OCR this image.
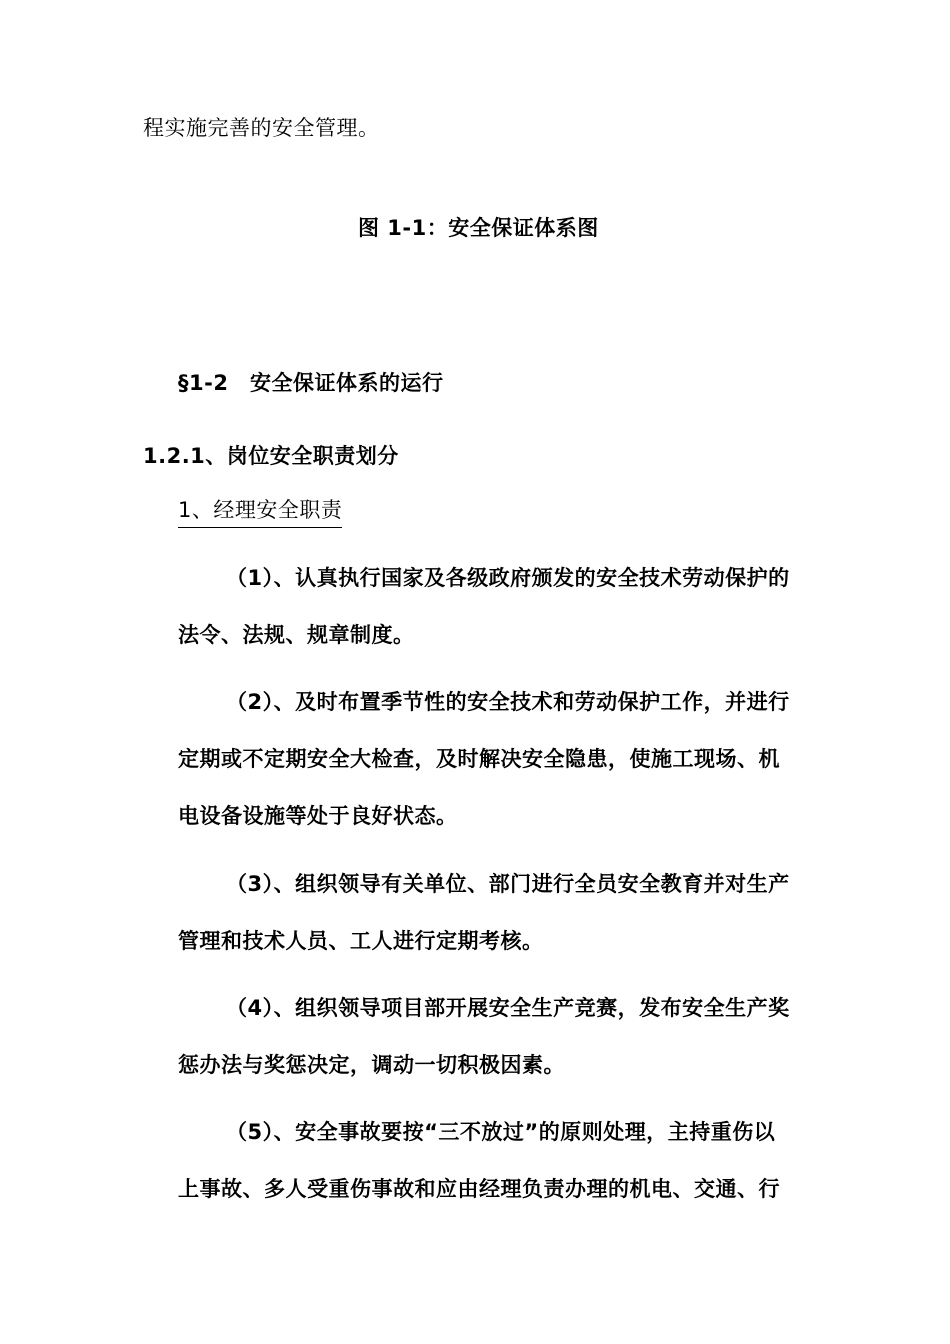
程实施完善的安全管理。
图 1-1：安全保证体系图
§1-2　安全保证体系的运行
1.2.1、岗位安全职责划分
1、经理安全职责
（1）、认真执行国家及各级政府颁发的安全技术劳动保护的
法令、法规、规章制度。
（2）、及时布置季节性的安全技术和劳动保护工作，并进行
定期或不定期安全大检查，及时解决安全隐患，使施工现场、机
电设备设施等处于良好状态。
（3）、组织领导有关单位、部门进行全员安全教育并对生产
管理和技术人员、工人进行定期考核。
（4）、组织领导项目部开展安全生产竞赛，发布安全生产奖
惩办法与奖惩决定，调动一切积极因素。
（5）、安全事故要按“三不放过”的原则处理，主持重伤以
上事故、多人受重伤事故和应由经理负责办理的机电、交通、行
